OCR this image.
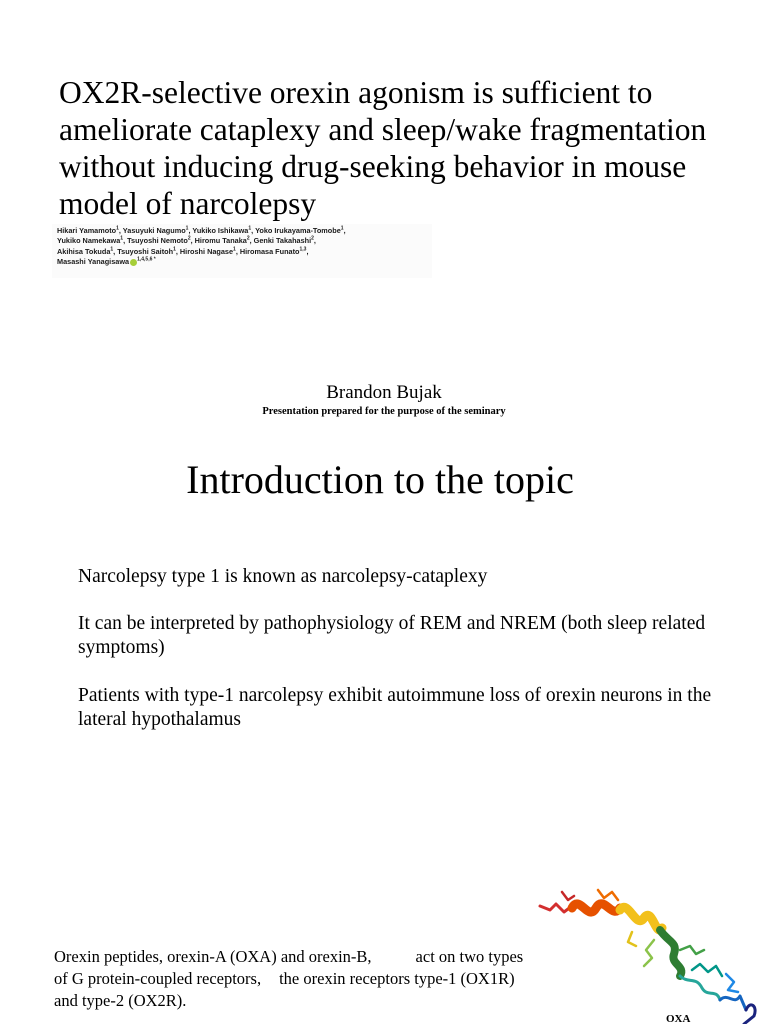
OX2R-selective orexin agonism is sufficient to ameliorate cataplexy and sleep/wake fragmentation without inducing drug-seeking behavior in mouse model of narcolepsy
Hikari Yamamoto$^1$, Yasuyuki Nagumo$^1$, Yukiko Ishikawa$^1$, Yoko Irukayama-Tomobe$^1$,
Yukiko Namekawa$^1$, Tsuyoshi Nemoto$^2$, Hiromu Tanaka$^2$, Genki Takahashi$^2$,
Akihisa Tokuda$^1$, Tsuyoshi Saitoh$^1$, Hiroshi Nagase$^1$, Hiromasa Funato$^{1,3}$,
Masashi Yanagisawa $^{1,4,5,6 *}$
Brandon Bujak
Presentation prepared for the purpose of the seminary
Introduction to the topic

Narcolepsy type 1 is known as narcolepsy-cataplexy

It can be interpreted by pathophysiology of REM and NREM (both sleep related symptoms)

Patients with type-1 narcolepsy exhibit autoimmune loss of orexin neurons in the lateral hypothalamus

Orexin peptides, orexin-A (OXA) and orexin-B,	act on two types of G protein-coupled receptors, the orexin receptors type-1 (OX1R) and type-2 (OX2R).

OXA
